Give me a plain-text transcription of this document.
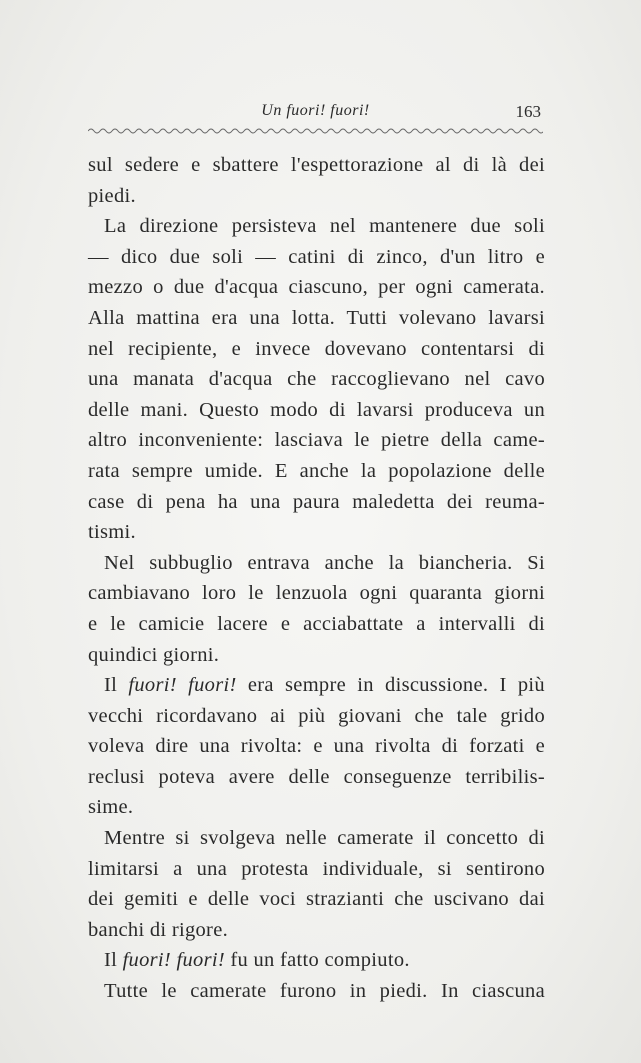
Un fuori! fuori!	163
sul sedere e sbattere l'espettorazione al di là dei
piedi.
La direzione persisteva nel mantenere due soli
— dico due soli — catini di zinco, d'un litro e
mezzo o due d'acqua ciascuno, per ogni camerata.
Alla mattina era una lotta. Tutti volevano lavarsi
nel recipiente, e invece dovevano contentarsi di
una manata d'acqua che raccoglievano nel cavo
delle mani. Questo modo di lavarsi produceva un
altro inconveniente: lasciava le pietre della came-
rata sempre umide. E anche la popolazione delle
case di pena ha una paura maledetta dei reuma-
tismi.
Nel subbuglio entrava anche la biancheria. Si
cambiavano loro le lenzuola ogni quaranta giorni
e le camicie lacere e acciabattate a intervalli di
quindici giorni.
Il fuori! fuori! era sempre in discussione. I più
vecchi ricordavano ai più giovani che tale grido
voleva dire una rivolta: e una rivolta di forzati e
reclusi poteva avere delle conseguenze terribilis-
sime.
Mentre si svolgeva nelle camerate il concetto di
limitarsi a una protesta individuale, si sentirono
dei gemiti e delle voci strazianti che uscivano dai
banchi di rigore.
Il fuori! fuori! fu un fatto compiuto.
Tutte le camerate furono in piedi. In ciascuna
